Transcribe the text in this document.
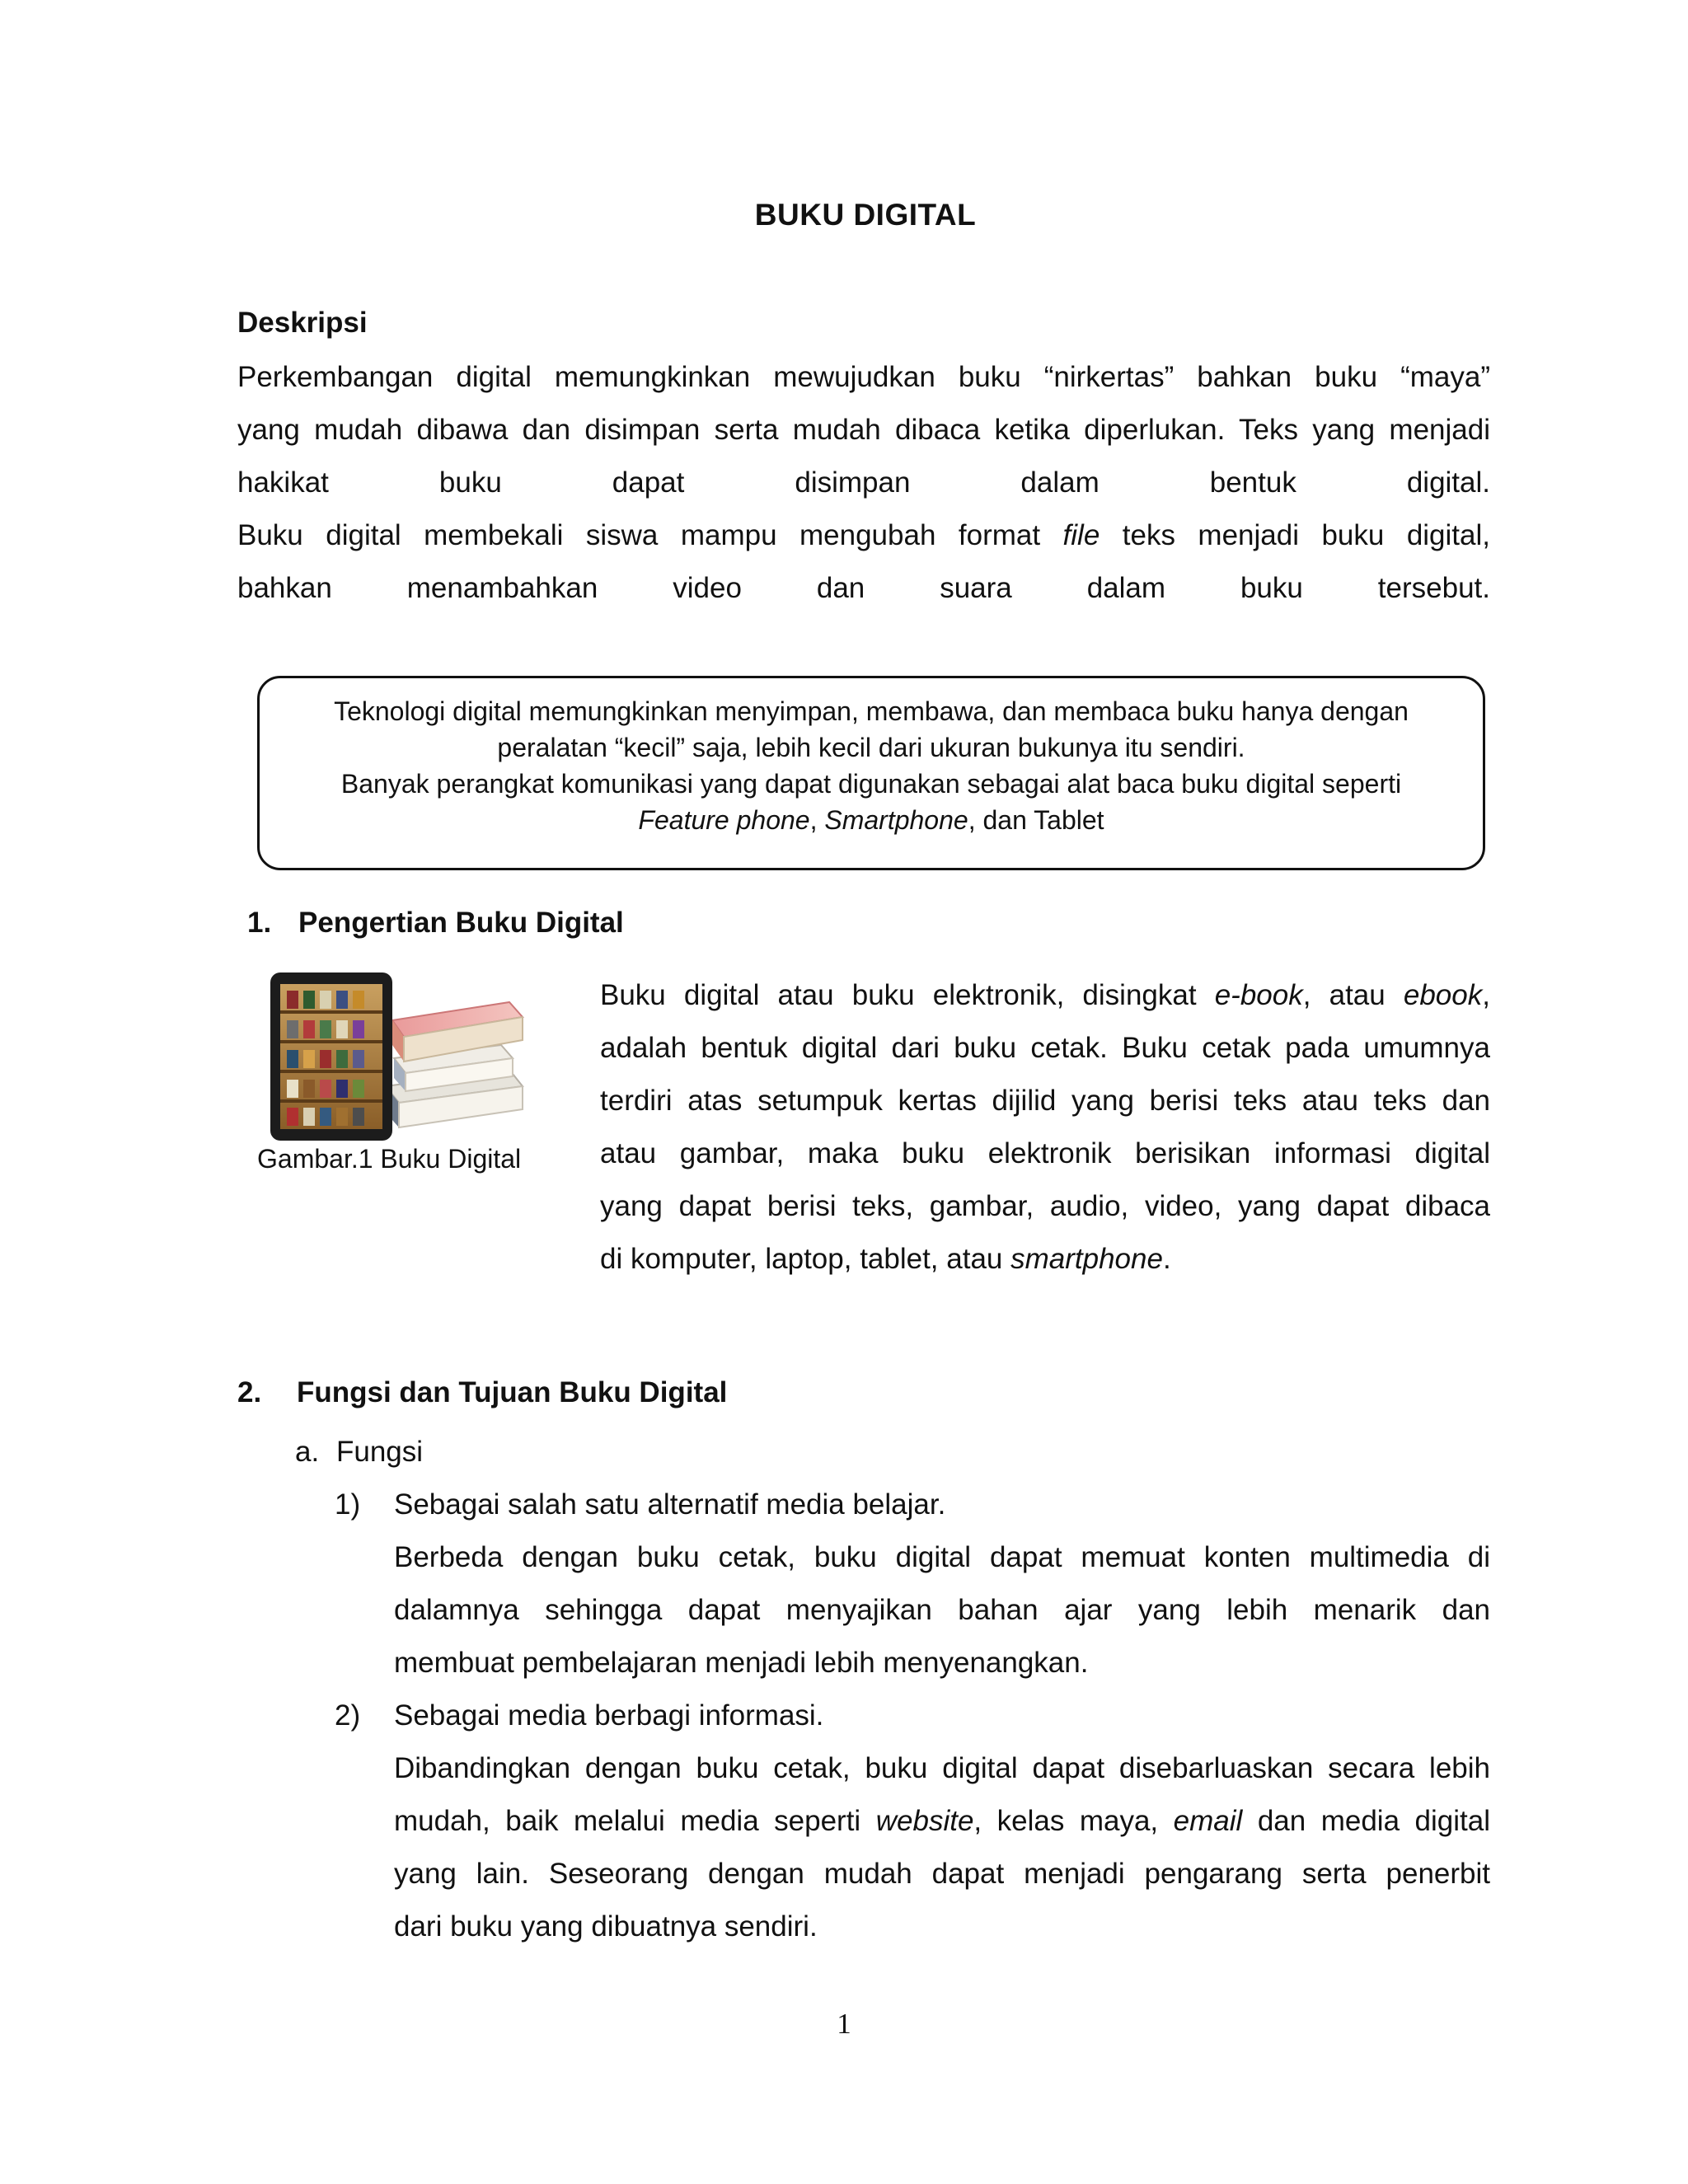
BUKU DIGITAL
Deskripsi
Perkembangan digital memungkinkan mewujudkan buku “nirkertas” bahkan buku “maya”
yang mudah dibawa dan disimpan serta mudah dibaca ketika diperlukan. Teks yang menjadi
hakikat buku dapat disimpan dalam bentuk digital.
Buku digital membekali siswa mampu mengubah format file teks menjadi buku digital,
bahkan menambahkan video dan suara dalam buku tersebut.
Teknologi digital memungkinkan menyimpan, membawa, dan membaca buku hanya dengan
peralatan “kecil” saja, lebih kecil dari ukuran bukunya itu sendiri.
Banyak perangkat komunikasi yang dapat digunakan sebagai alat baca buku digital seperti
Feature phone, Smartphone, dan Tablet
1. Pengertian Buku Digital
Gambar.1 Buku Digital
Buku digital atau buku elektronik, disingkat e-book, atau ebook,
adalah bentuk digital dari buku cetak. Buku cetak pada umumnya
terdiri atas setumpuk kertas dijilid yang berisi teks atau teks dan
atau gambar, maka buku elektronik berisikan informasi digital
yang dapat berisi teks, gambar, audio, video, yang dapat dibaca
di komputer, laptop, tablet, atau smartphone.
2. Fungsi dan Tujuan Buku Digital
a. Fungsi
1) Sebagai salah satu alternatif media belajar.
Berbeda dengan buku cetak, buku digital dapat memuat konten multimedia di
dalamnya sehingga dapat menyajikan bahan ajar yang lebih menarik dan
membuat pembelajaran menjadi lebih menyenangkan.
2) Sebagai media berbagi informasi.
Dibandingkan dengan buku cetak, buku digital dapat disebarluaskan secara lebih
mudah, baik melalui media seperti website, kelas maya, email dan media digital
yang lain. Seseorang dengan mudah dapat menjadi pengarang serta penerbit
dari buku yang dibuatnya sendiri.
1
